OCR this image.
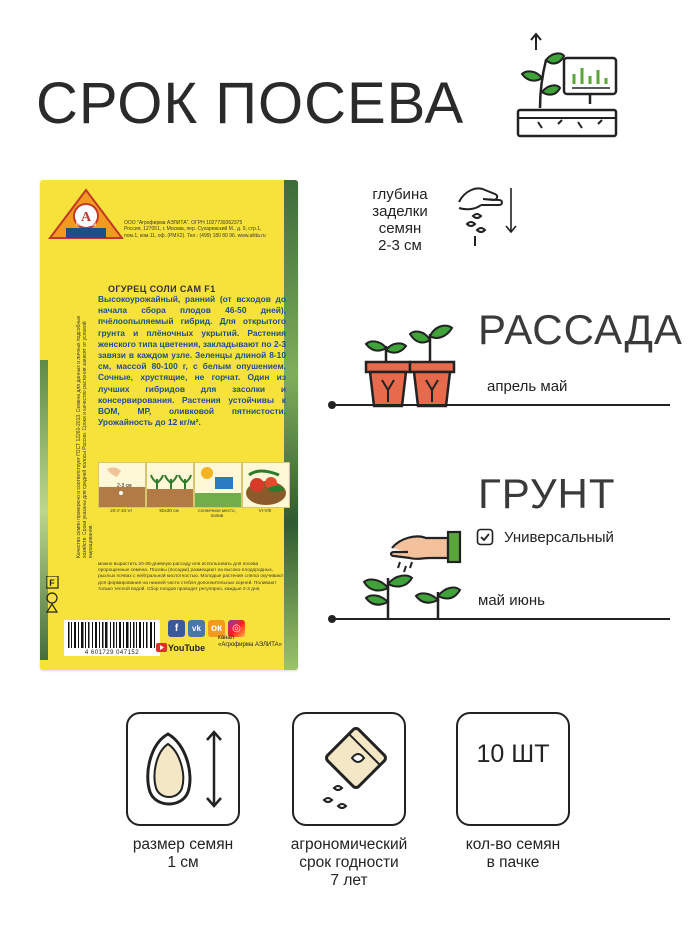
СРОК ПОСЕВА
А
Москва	ООО "Агрофирма АЭЛИТА". ОГРН 1027739362375
Россия, 127051, г. Москва, пер. Сухаревский М., д. 9, стр.1,
пом.1, ком.11, оф. (РМХ2). Тел.: (499) 180 80 96. www.ailita.ru
ОГУРЕЦ СОЛИ САМ F1
Высокоурожайный, ранний (от всходов до начала сбора плодов 46-50 дней), пчёлоопыляемый гибрид. Для открытого грунта и плёночных укрытий. Растения женского типа цветения, закладывают по 2-3 завязи в каждом узле. Зеленцы длиной 8-10 см, массой 80-100 г, с белым опушением. Сочные, хрустящие, не горчат. Один из лучших гибридов для засолки и консервирования. Растения устойчивы к ВОМ, МР, оливковой пятнистости. Урожайность до 12 кг/м².
Качество семян проверено и соответствует ГОСТ 12260-2013. Семена для данных и личных подсобных хозяйств. Сроки указаны для средней полосы России. Сроки и качество растения зависят от условий выращивания.
2-3 см
20.V-10.VI	50x30 см	солнечное место, полив
VI-VIII
можно вырастить 20-25-дневную рассаду или использовать для посева пророщенные семена. Посевы (посадки) размещают на высоко-плодородных, рыхлых почвах с нейтральной кислотностью. Молодые растения слегка окучивают для формирования на нижней части стебля дополнительных корней. Поливают только теплой водой. Сбор плодов проводят регулярно, каждые 2-3 дня.
F
4 601729 047152
f	vk ок	◎
YouTube
канал
«Агрофирма АЭЛИТА»
глубина
заделки
семян
2-3 см
РАССАДА
апрель май
ГРУНТ
Универсальный
май июнь
размер семян
1 см
агрономический
срок годности
7 лет
10 ШТ
кол-во семян
в пачке
